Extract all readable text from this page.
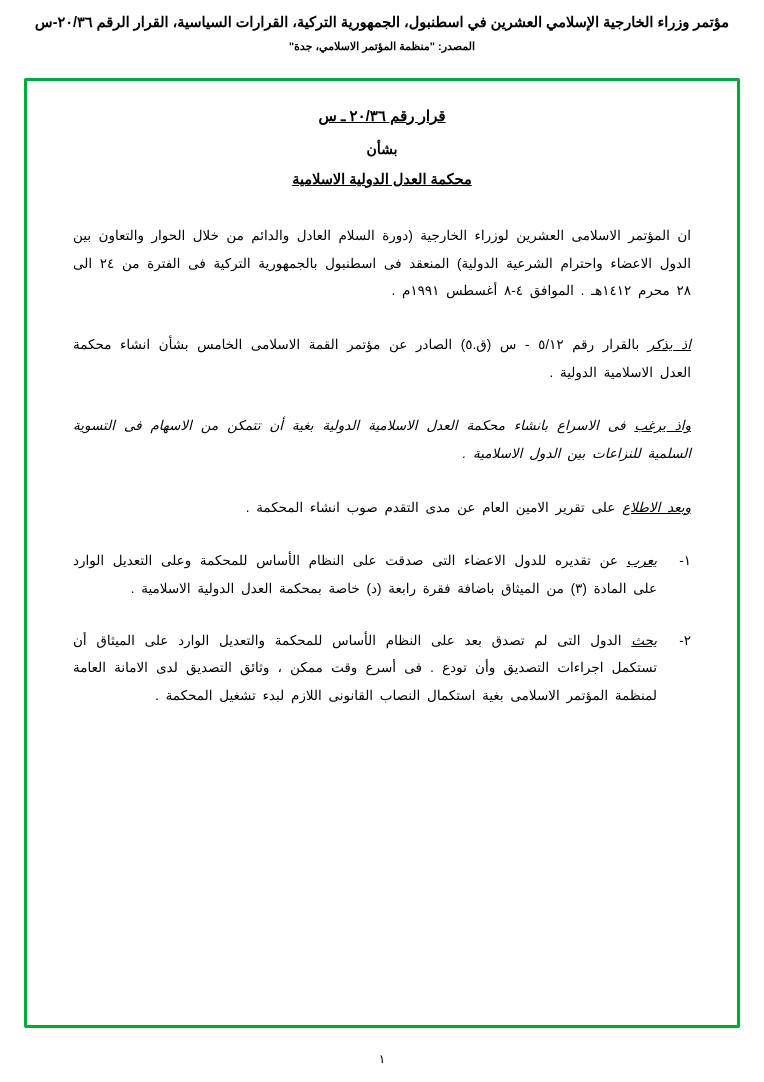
مؤتمر وزراء الخارجية الإسلامي العشرين في اسطنبول، الجمهورية التركية، القرارات السياسية، القرار الرقم ٢٠/٣٦-س
المصدر: "منظمة المؤتمر الاسلامي، جدة"
قرار رقم ٢٠/٣٦ ـ س
بشأن
محكمة العدل الدولية الاسلامية

ان المؤتمر الاسلامى العشرين لوزراء الخارجية (دورة السلام العادل والدائم من خلال الحوار والتعاون بين الدول الاعضاء واحترام الشرعية الدولية) المنعقد فى اسطنبول بالجمهورية التركية فى الفترة من ٢٤ الى ٢٨ محرم ١٤١٢هـ . الموافق ٤-٨ أغسطس ١٩٩١م .

اذ يذكر بالقرار رقم ٥/١٢ - س (ق.٥) الصادر عن مؤتمر القمة الاسلامى الخامس بشأن انشاء محكمة العدل الاسلامية الدولية .

واذ يرغب فى الاسراع بانشاء محكمة العدل الاسلامية الدولية بغية أن تتمكن من الاسهام فى التسوية السلمية للنزاعات بين الدول الاسلامية .

وبعد الاطلاع على تقرير الامين العام عن مدى التقدم صوب انشاء المحكمة .

١-

يعرب عن تقديره للدول الاعضاء التى صدقت على النظام الأساس للمحكمة وعلى التعديل الوارد على المادة (٣) من الميثاق باضافة فقرة رابعة (د) خاصة بمحكمة العدل الدولية الاسلامية .

٢-

يحث الدول التى لم تصدق بعد على النظام الأساس للمحكمة والتعديل الوارد على الميثاق أن تستكمل اجراءات التصديق وأن تودع . فى أسرع وقت ممكن ، وثائق التصديق لدى الامانة العامة لمنظمة المؤتمر الاسلامى بغية استكمال النصاب القانونى اللازم لبدء تشغيل المحكمة .

١
